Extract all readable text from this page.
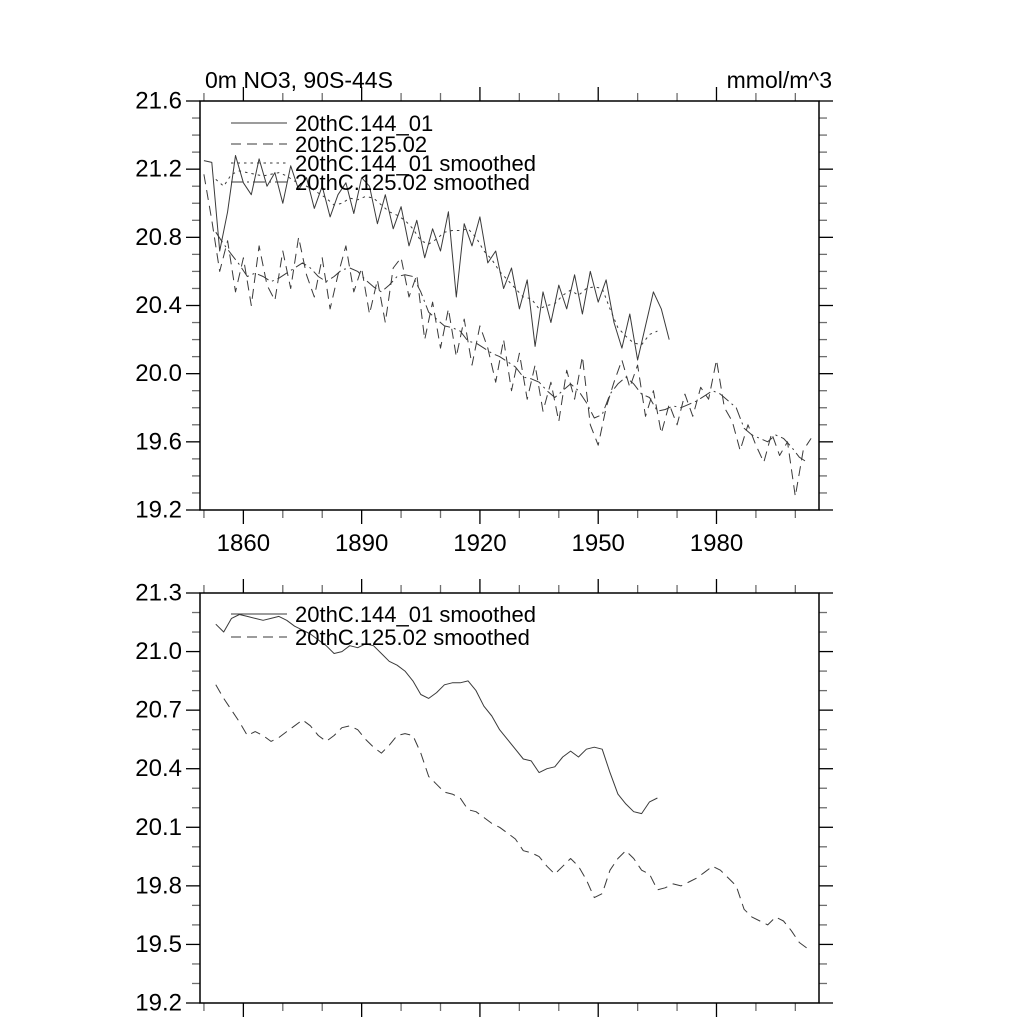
21.6
21.2
20.8
20.4
20.0
19.6
19.2
1860	1890	1920	1950	1980
20thC.144_01
20thC.125.02
20thC.144_01 smoothed
20thC.125.02 smoothed
0m NO3, 90S-44S	mmol/m^3
21.3
21.0
20.7
20.4
20.1
19.8
19.5
19.2
20thC.144_01 smoothed
20thC.125.02 smoothed
